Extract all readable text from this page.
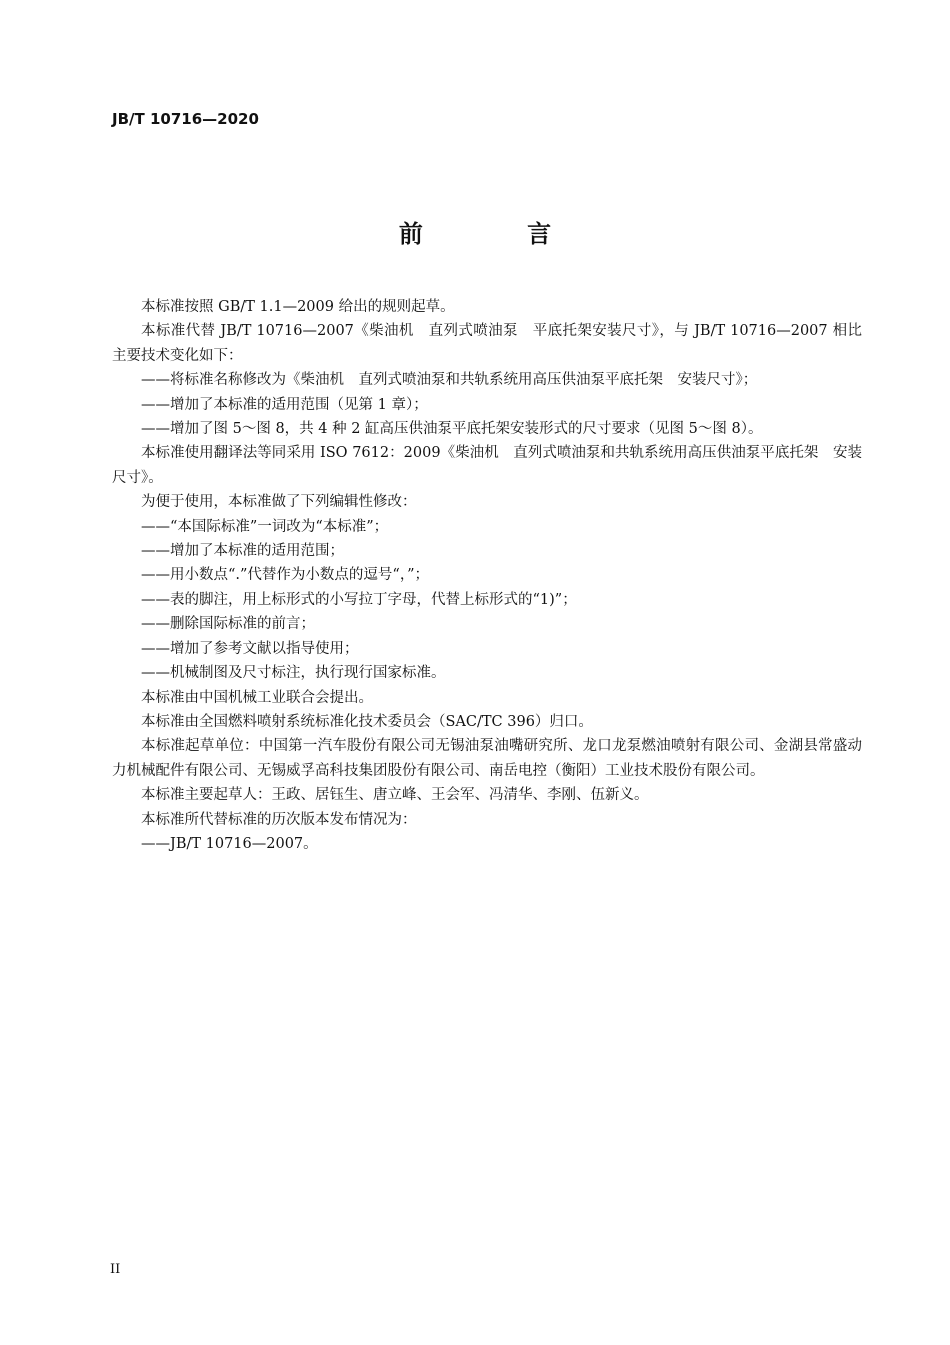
JB/T 10716—2020
前 言

本标准按照 GB/T 1.1—2009 给出的规则起草。

本标准代替 JB/T 10716—2007《柴油机　直列式喷油泵　平底托架安装尺寸》，与 JB/T 10716—2007 相比主要技术变化如下：

——将标准名称修改为《柴油机　直列式喷油泵和共轨系统用高压供油泵平底托架　安装尺寸》；

——增加了本标准的适用范围（见第 1 章）；

——增加了图 5～图 8，共 4 种 2 缸高压供油泵平底托架安装形式的尺寸要求（见图 5～图 8）。

本标准使用翻译法等同采用 ISO 7612：2009《柴油机　直列式喷油泵和共轨系统用高压供油泵平底托架　安装尺寸》。

为便于使用，本标准做了下列编辑性修改：

——“本国际标准”一词改为“本标准”；

——增加了本标准的适用范围；

——用小数点“.”代替作为小数点的逗号“，”；

——表的脚注，用上标形式的小写拉丁字母，代替上标形式的“1)”；

——删除国际标准的前言；

——增加了参考文献以指导使用；

——机械制图及尺寸标注，执行现行国家标准。

本标准由中国机械工业联合会提出。

本标准由全国燃料喷射系统标准化技术委员会（SAC/TC 396）归口。

本标准起草单位：中国第一汽车股份有限公司无锡油泵油嘴研究所、龙口龙泵燃油喷射有限公司、金湖县常盛动力机械配件有限公司、无锡威孚高科技集团股份有限公司、南岳电控（衡阳）工业技术股份有限公司。

本标准主要起草人：王政、居钰生、唐立峰、王会军、冯清华、李刚、伍新义。

本标准所代替标准的历次版本发布情况为：

——JB/T 10716—2007。

II
